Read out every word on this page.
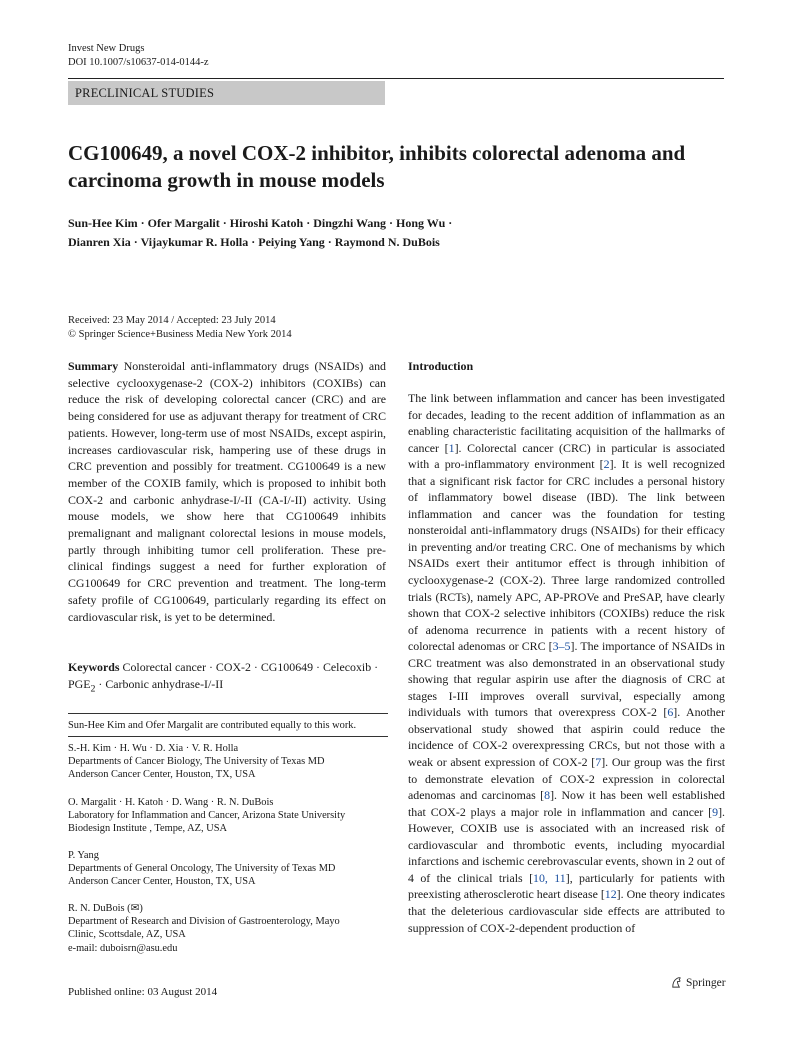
Invest New Drugs
DOI 10.1007/s10637-014-0144-z
PRECLINICAL STUDIES
CG100649, a novel COX-2 inhibitor, inhibits colorectal adenoma and carcinoma growth in mouse models
Sun-Hee Kim · Ofer Margalit · Hiroshi Katoh · Dingzhi Wang · Hong Wu ·
Dianren Xia · Vijaykumar R. Holla · Peiying Yang · Raymond N. DuBois
Received: 23 May 2014 / Accepted: 23 July 2014
© Springer Science+Business Media New York 2014

Summary Nonsteroidal anti-inflammatory drugs (NSAIDs) and selective cyclooxygenase-2 (COX-2) inhibitors (COXIBs) can reduce the risk of developing colorectal cancer (CRC) and are being considered for use as adjuvant therapy for treatment of CRC patients. However, long-term use of most NSAIDs, except aspirin, increases cardiovascular risk, hampering use of these drugs in CRC prevention and possibly for treatment. CG100649 is a new member of the COXIB family, which is proposed to inhibit both COX-2 and carbonic anhydrase-I/-II (CA-I/-II) activity. Using mouse models, we show here that CG100649 inhibits premalignant and malignant colorectal lesions in mouse models, partly through inhibiting tumor cell proliferation. These pre-clinical findings suggest a need for further exploration of CG100649 for CRC prevention and treatment. The long-term safety profile of CG100649, particularly regarding its effect on cardiovascular risk, is yet to be determined.

Keywords Colorectal cancer · COX-2 · CG100649 · Celecoxib · $PGE_2$ · Carbonic anhydrase-I/-II

Sun-Hee Kim and Ofer Margalit are contributed equally to this work.
S.-H. Kim · H. Wu · D. Xia · V. R. Holla
Departments of Cancer Biology, The University of Texas MD
Anderson Cancer Center, Houston, TX, USA
O. Margalit · H. Katoh · D. Wang · R. N. DuBois
Laboratory for Inflammation and Cancer, Arizona State University
Biodesign Institute , Tempe, AZ, USA
P. Yang
Departments of General Oncology, The University of Texas MD
Anderson Cancer Center, Houston, TX, USA
R. N. DuBois (✉)
Department of Research and Division of Gastroenterology, Mayo
Clinic, Scottsdale, AZ, USA
e-mail: duboisrn@asu.edu
Published online: 03 August 2014
Introduction

The link between inflammation and cancer has been investigated for decades, leading to the recent addition of inflammation as an enabling characteristic facilitating acquisition of the hallmarks of cancer [1]. Colorectal cancer (CRC) in particular is associated with a pro-inflammatory environment [2]. It is well recognized that a significant risk factor for CRC includes a personal history of inflammatory bowel disease (IBD). The link between inflammation and cancer was the foundation for testing nonsteroidal anti-inflammatory drugs (NSAIDs) for their efficacy in preventing and/or treating CRC. One of mechanisms by which NSAIDs exert their antitumor effect is through inhibition of cyclooxygenase-2 (COX-2). Three large randomized controlled trials (RCTs), namely APC, AP-PROVe and PreSAP, have clearly shown that COX-2 selective inhibitors (COXIBs) reduce the risk of adenoma recurrence in patients with a recent history of colorectal adenomas or CRC [3–5]. The importance of NSAIDs in CRC treatment was also demonstrated in an observational study showing that regular aspirin use after the diagnosis of CRC at stages I-III improves overall survival, especially among individuals with tumors that overexpress COX-2 [6]. Another observational study showed that aspirin could reduce the incidence of COX-2 overexpressing CRCs, but not those with a weak or absent expression of COX-2 [7]. Our group was the first to demonstrate elevation of COX-2 expression in colorectal adenomas and carcinomas [8]. Now it has been well established that COX-2 plays a major role in inflammation and cancer [9]. However, COXIB use is associated with an increased risk of cardiovascular and thrombotic events, including myocardial infarctions and ischemic cerebrovascular events, shown in 2 out of 4 of the clinical trials [10, 11], particularly for patients with preexisting atherosclerotic heart disease [12]. One theory indicates that the deleterious cardiovascular side effects are attributed to suppression of COX-2-dependent production of

Springer
